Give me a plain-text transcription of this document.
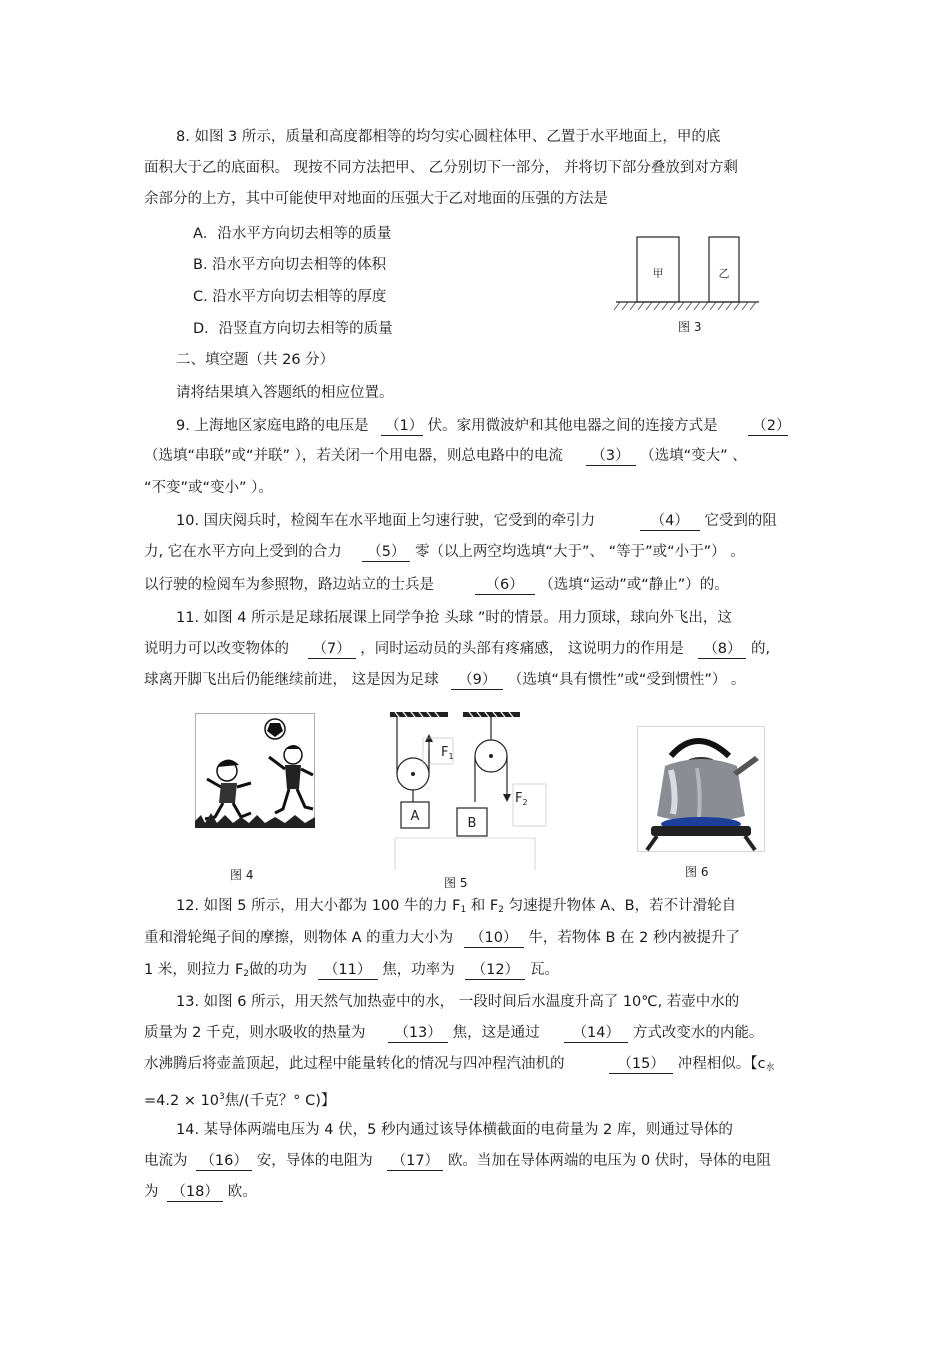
8. 如图 3 所示，质量和高度都相等的均匀实心圆柱体甲、乙置于水平地面上，甲的底
面积大于乙的底面积。 现按不同方法把甲、 乙分别切下一部分， 并将切下部分叠放到对方剩
余部分的上方，其中可能使甲对地面的压强大于乙对地面的压强的方法是
A．沿水平方向切去相等的质量
B. 沿水平方向切去相等的体积
C. 沿水平方向切去相等的厚度
D．沿竖直方向切去相等的质量
甲	乙
图 3
二、填空题（共 26 分）
请将结果填入答题纸的相应位置。
9. 上海地区家庭电路的电压是 （1） 伏。家用微波炉和其他电器之间的连接方式是 （2）
（选填“串联”或“并联” ），若关闭一个用电器，则总电路中的电流 （3） （选填“变大” 、
“不变”或“变小” ）。
10. 国庆阅兵时，检阅车在水平地面上匀速行驶，它受到的牵引力	（4） 它受到的阻
力, 它在水平方向上受到的合力 （5） 零（以上两空均选填“大于”、 “等于”或“小于”） 。
以行驶的检阅车为参照物，路边站立的士兵是	（6） （选填“运动”或“静止”）的。
11. 如图 4 所示是足球拓展课上同学争抢 头球 ”时的情景。用力顶球，球向外飞出，这
说明力可以改变物体的 （7） ，同时运动员的头部有疼痛感， 这说明力的作用是 （8） 的,
球离开脚飞出后仍能继续前进， 这是因为足球 （9） （选填“具有惯性”或“受到惯性”） 。
图 4
A
$F_1$
$F_2$
B
图 5
图 6
12. 如图 5 所示，用大小都为 100 牛的力 $F_1$ 和 $F_2$ 匀速提升物体 A、B，若不计滑轮自
重和滑轮绳子间的摩擦，则物体 A 的重力大小为 （10） 牛，若物体 B 在 2 秒内被提升了
1 米，则拉力 $F_2$做的功为 （11） 焦，功率为 （12） 瓦。
13. 如图 6 所示，用天然气加热壶中的水， 一段时间后水温度升高了 10℃, 若壶中水的
质量为 2 千克，则水吸收的热量为 （13） 焦，这是通过 （14） 方式改变水的内能。
水沸腾后将壶盖顶起，此过程中能量转化的情况与四冲程汽油机的	（15） 冲程相似。【$c_水$
$=4.2 \times 10^3$焦/(千克？° C)】
14. 某导体两端电压为 4 伏，5 秒内通过该导体横截面的电荷量为 2 库，则通过导体的
电流为 （16） 安，导体的电阻为 （17） 欧。当加在导体两端的电压为 0 伏时，导体的电阻
为 （18） 欧。
